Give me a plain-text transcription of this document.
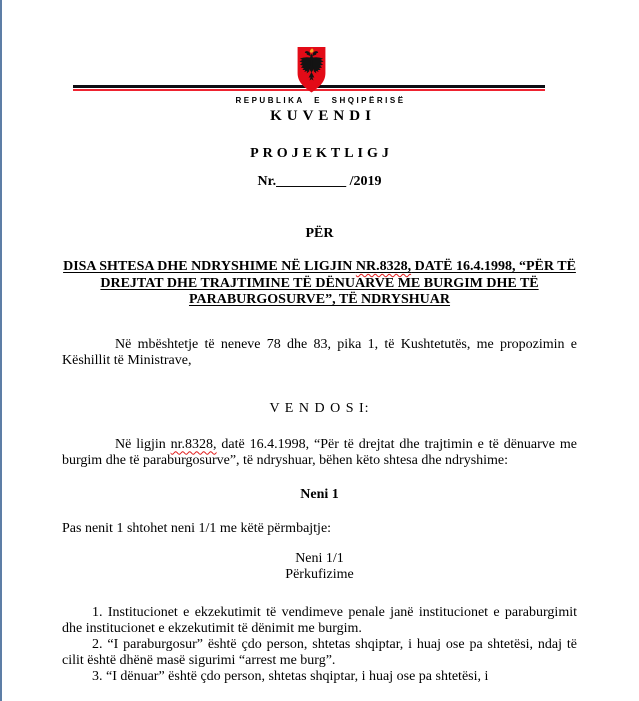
REPUBLIKA E SHQIPËRISË
KUVENDI

PROJEKTLIGJ

Nr.__________ /2019

PËR

DISA SHTESA DHE NDRYSHIME NË LIGJIN NR.8328, DATË 16.4.1998, “PËR TË DREJTAT DHE TRAJTIMINE TË DËNUARVE ME BURGIM DHE TË PARABURGOSURVE”, TË NDRYSHUAR

Në mbështetje të neneve 78 dhe 83, pika 1, të Kushtetutës, me propozimin e Këshillit të Ministrave,

V E N D O S I:

Në ligjin nr.8328, datë 16.4.1998, “Për të drejtat dhe trajtimin e të dënuarve me burgim dhe të paraburgosurve”, të ndryshuar, bëhen këto shtesa dhe ndryshime:

Neni 1

Pas nenit 1 shtohet neni 1/1 me këtë përmbajtje:

Neni 1/1

Përkufizime

1. Institucionet e ekzekutimit të vendimeve penale janë institucionet e paraburgimit dhe institucionet e ekzekutimit të dënimit me burgim.

2. “I paraburgosur” është çdo person, shtetas shqiptar, i huaj ose pa shtetësi, ndaj të cilit është dhënë masë sigurimi “arrest me burg”.

3. “I dënuar” është çdo person, shtetas shqiptar, i huaj ose pa shtetësi, i
